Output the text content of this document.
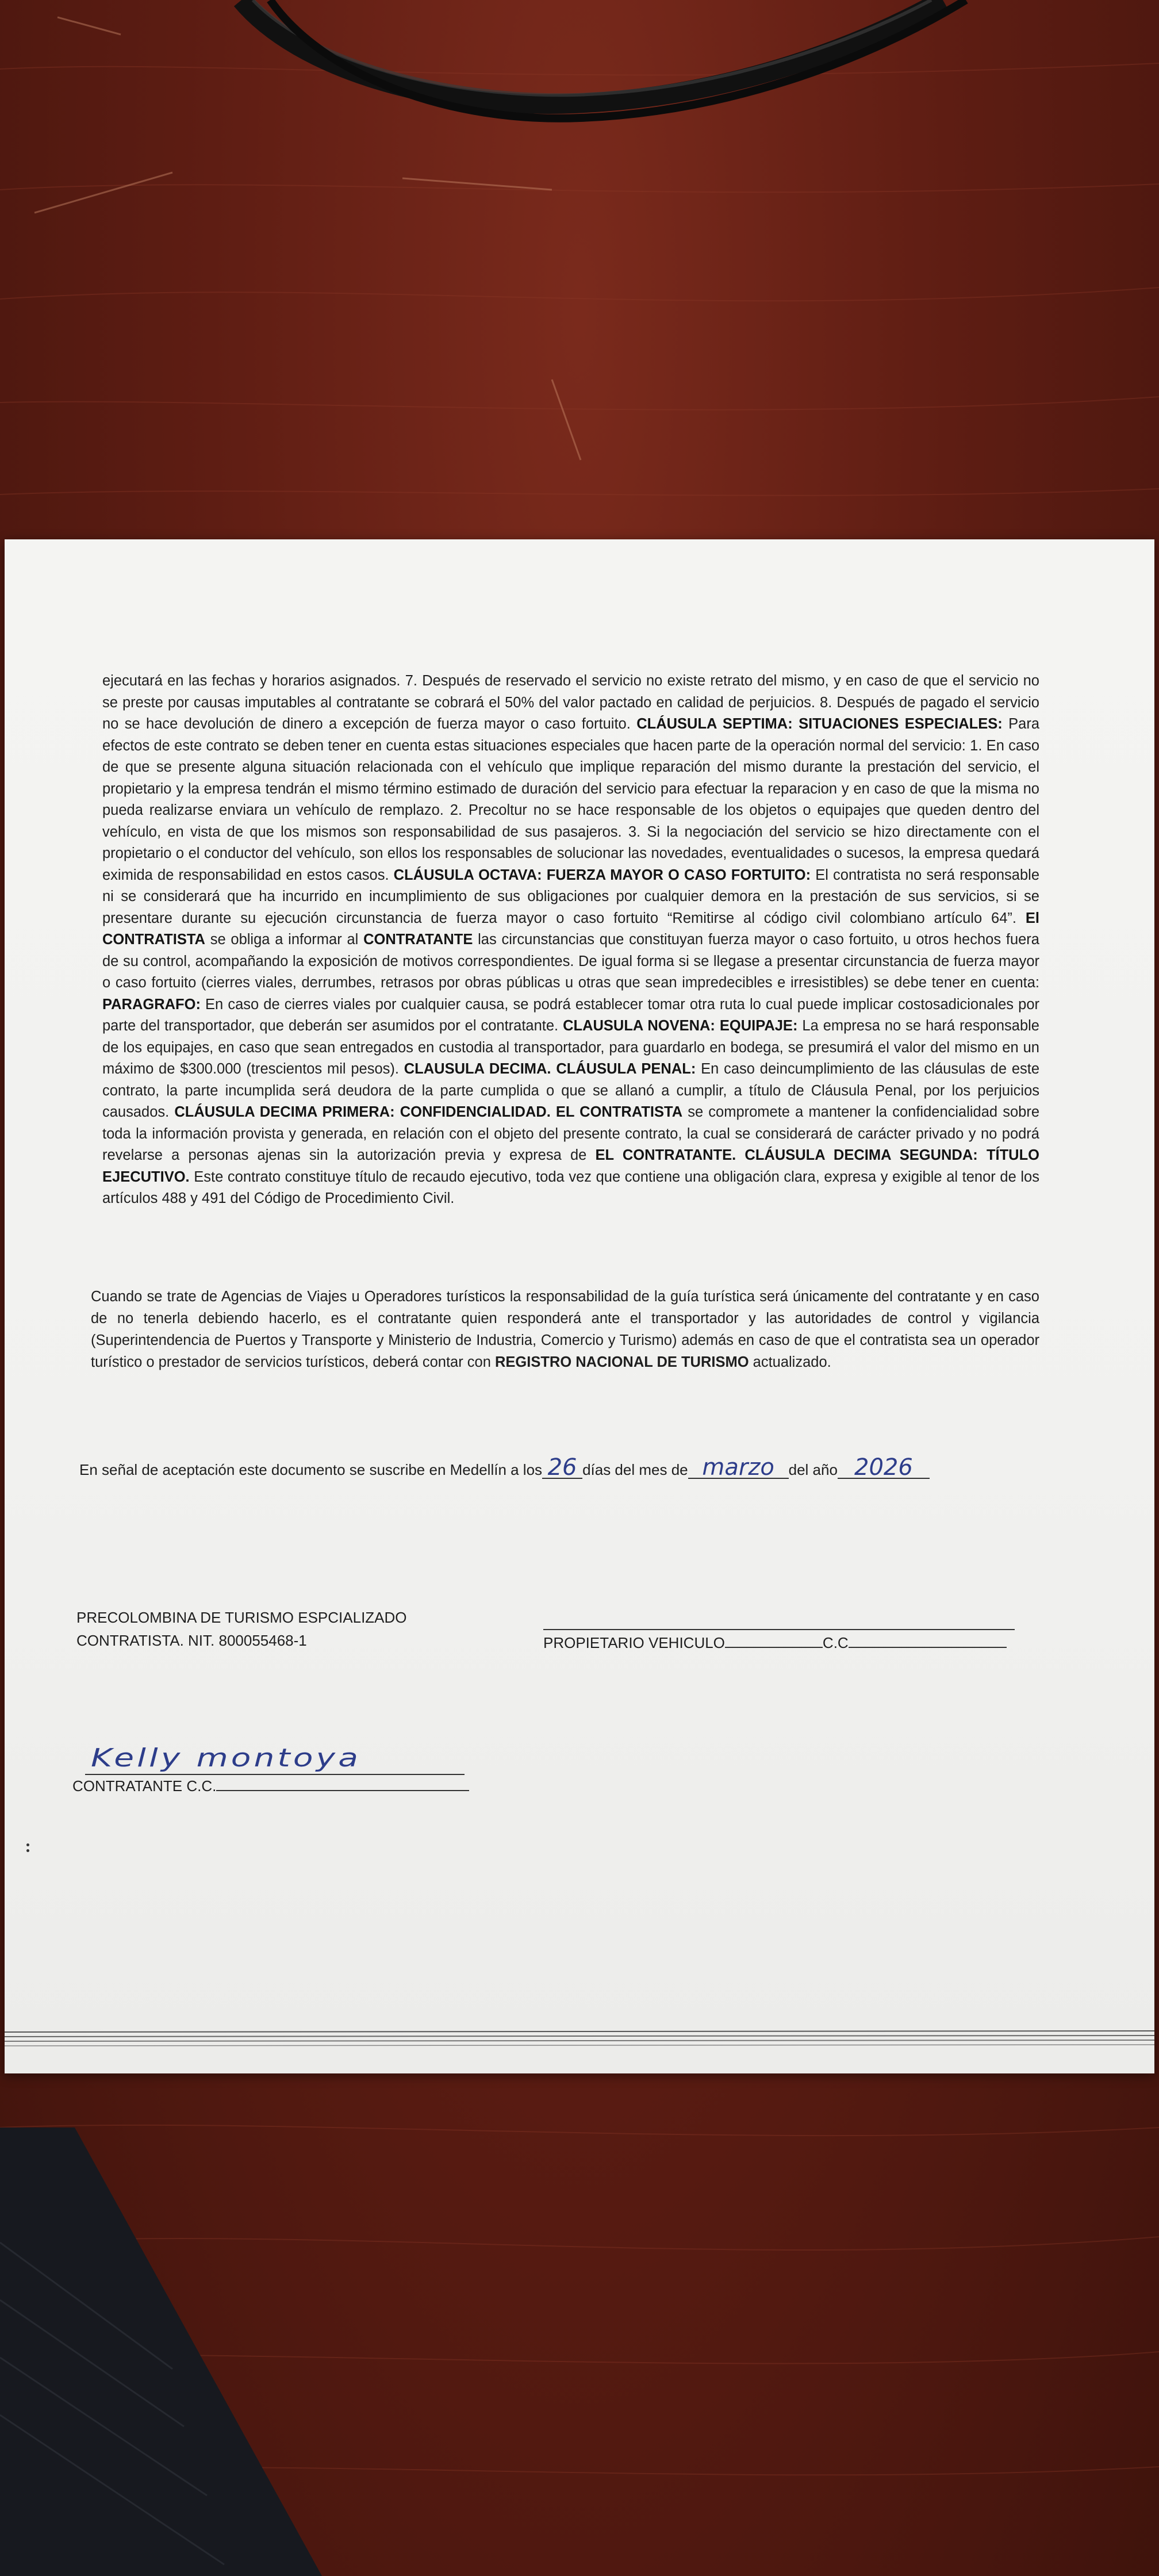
ejecutará en las fechas y horarios asignados. 7. Después de reservado el servicio no existe retrato del mismo, y en caso de que el servicio no se preste por causas imputables al contratante se cobrará el 50% del valor pactado en calidad de perjuicios. 8. Después de pagado el servicio no se hace devolución de dinero a excepción de fuerza mayor o caso fortuito. CLÁUSULA SEPTIMA: SITUACIONES ESPECIALES: Para efectos de este contrato se deben tener en cuenta estas situaciones especiales que hacen parte de la operación normal del servicio: 1. En caso de que se presente alguna situación relacionada con el vehículo que implique reparación del mismo durante la prestación del servicio, el propietario y la empresa tendrán el mismo término estimado de duración del servicio para efectuar la reparacion y en caso de que la misma no pueda realizarse enviara un vehículo de remplazo. 2. Precoltur no se hace responsable de los objetos o equipajes que queden dentro del vehículo, en vista de que los mismos son responsabilidad de sus pasajeros. 3. Si la negociación del servicio se hizo directamente con el propietario o el conductor del vehículo, son ellos los responsables de solucionar las novedades, eventualidades o sucesos, la empresa quedará eximida de responsabilidad en estos casos. CLÁUSULA OCTAVA: FUERZA MAYOR O CASO FORTUITO: El contratista no será responsable ni se considerará que ha incurrido en incumplimiento de sus obligaciones por cualquier demora en la prestación de sus servicios, si se presentare durante su ejecución circunstancia de fuerza mayor o caso fortuito “Remitirse al código civil colombiano artículo 64”. El CONTRATISTA se obliga a informar al CONTRATANTE las circunstancias que constituyan fuerza mayor o caso fortuito, u otros hechos fuera de su control, acompañando la exposición de motivos correspondientes. De igual forma si se llegase a presentar circunstancia de fuerza mayor o caso fortuito (cierres viales, derrumbes, retrasos por obras públicas u otras que sean impredecibles e irresistibles) se debe tener en cuenta: PARAGRAFO: En caso de cierres viales por cualquier causa, se podrá establecer tomar otra ruta lo cual puede implicar costosadicionales por parte del transportador, que deberán ser asumidos por el contratante. CLAUSULA NOVENA: EQUIPAJE: La empresa no se hará responsable de los equipajes, en caso que sean entregados en custodia al transportador, para guardarlo en bodega, se presumirá el valor del mismo en un máximo de $300.000 (trescientos mil pesos). CLAUSULA DECIMA. CLÁUSULA PENAL: En caso deincumplimiento de las cláusulas de este contrato, la parte incumplida será deudora de la parte cumplida o que se allanó a cumplir, a título de Cláusula Penal, por los perjuicios causados. CLÁUSULA DECIMA PRIMERA: CONFIDENCIALIDAD. EL CONTRATISTA se compromete a mantener la confidencialidad sobre toda la información provista y generada, en relación con el objeto del presente contrato, la cual se considerará de carácter privado y no podrá revelarse a personas ajenas sin la autorización previa y expresa de EL CONTRATANTE. CLÁUSULA DECIMA SEGUNDA: TÍTULO EJECUTIVO. Este contrato constituye título de recaudo ejecutivo, toda vez que contiene una obligación clara, expresa y exigible al tenor de los artículos 488 y 491 del Código de Procedimiento Civil.

Cuando se trate de Agencias de Viajes u Operadores turísticos la responsabilidad de la guía turística será únicamente del contratante y en caso de no tenerla debiendo hacerlo, es el contratante quien responderá ante el transportador y las autoridades de control y vigilancia (Superintendencia de Puertos y Transporte y Ministerio de Industria, Comercio y Turismo) además en caso de que el contratista sea un operador turístico o prestador de servicios turísticos, deberá contar con REGISTRO NACIONAL DE TURISMO actualizado.

En señal de aceptación este documento se suscribe en Medellín a los 26 días del mes de marzo del año 2026
PRECOLOMBINA DE TURISMO ESPCIALIZADO
CONTRATISTA. NIT. 800055468-1	PROPIETARIO VEHICULO	C.C
Kelly montoya
CONTRATANTE C.C.
